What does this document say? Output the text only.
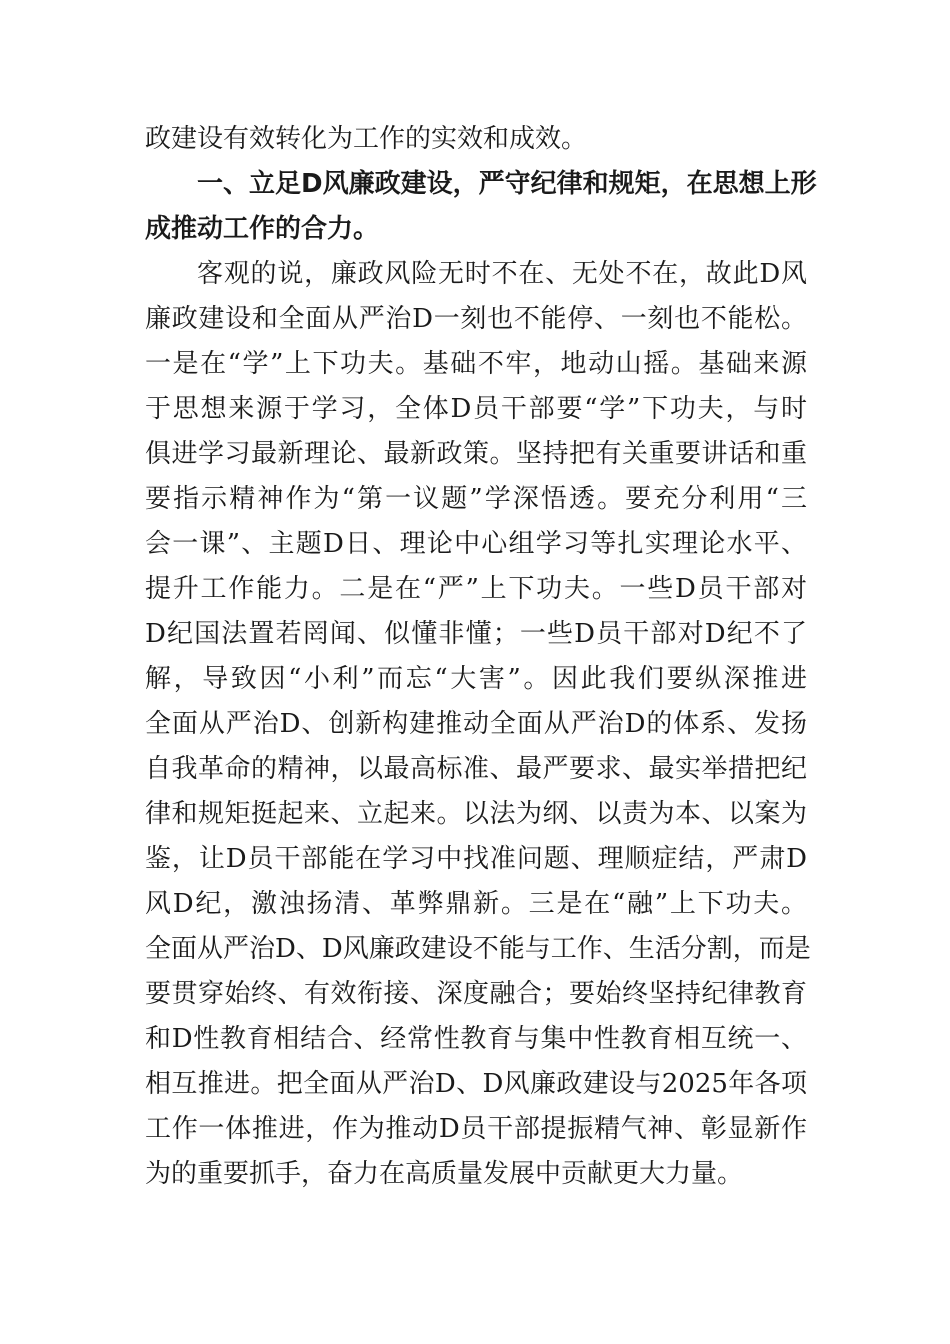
政建设有效转化为工作的实效和成效。
一、立足D风廉政建设，严守纪律和规矩，在思想上形
成推动工作的合力。
客观的说，廉政风险无时不在、无处不在，故此D风
廉政建设和全面从严治D一刻也不能停、一刻也不能松。
一是在“学”上下功夫。基础不牢，地动山摇。基础来源
于思想来源于学习，全体D员干部要“学”下功夫，与时
俱进学习最新理论、最新政策。坚持把有关重要讲话和重
要指示精神作为“第一议题”学深悟透。要充分利用“三
会一课”、主题D日、理论中心组学习等扎实理论水平、
提升工作能力。二是在“严”上下功夫。一些D员干部对
D纪国法置若罔闻、似懂非懂；一些D员干部对D纪不了
解，导致因“小利”而忘“大害”。因此我们要纵深推进
全面从严治D、创新构建推动全面从严治D的体系、发扬
自我革命的精神，以最高标准、最严要求、最实举措把纪
律和规矩挺起来、立起来。以法为纲、以责为本、以案为
鉴，让D员干部能在学习中找准问题、理顺症结，严肃D
风D纪，激浊扬清、革弊鼎新。三是在“融”上下功夫。
全面从严治D、D风廉政建设不能与工作、生活分割，而是
要贯穿始终、有效衔接、深度融合；要始终坚持纪律教育
和D性教育相结合、经常性教育与集中性教育相互统一、
相互推进。把全面从严治D、D风廉政建设与2025年各项
工作一体推进，作为推动D员干部提振精气神、彰显新作
为的重要抓手，奋力在高质量发展中贡献更大力量。
